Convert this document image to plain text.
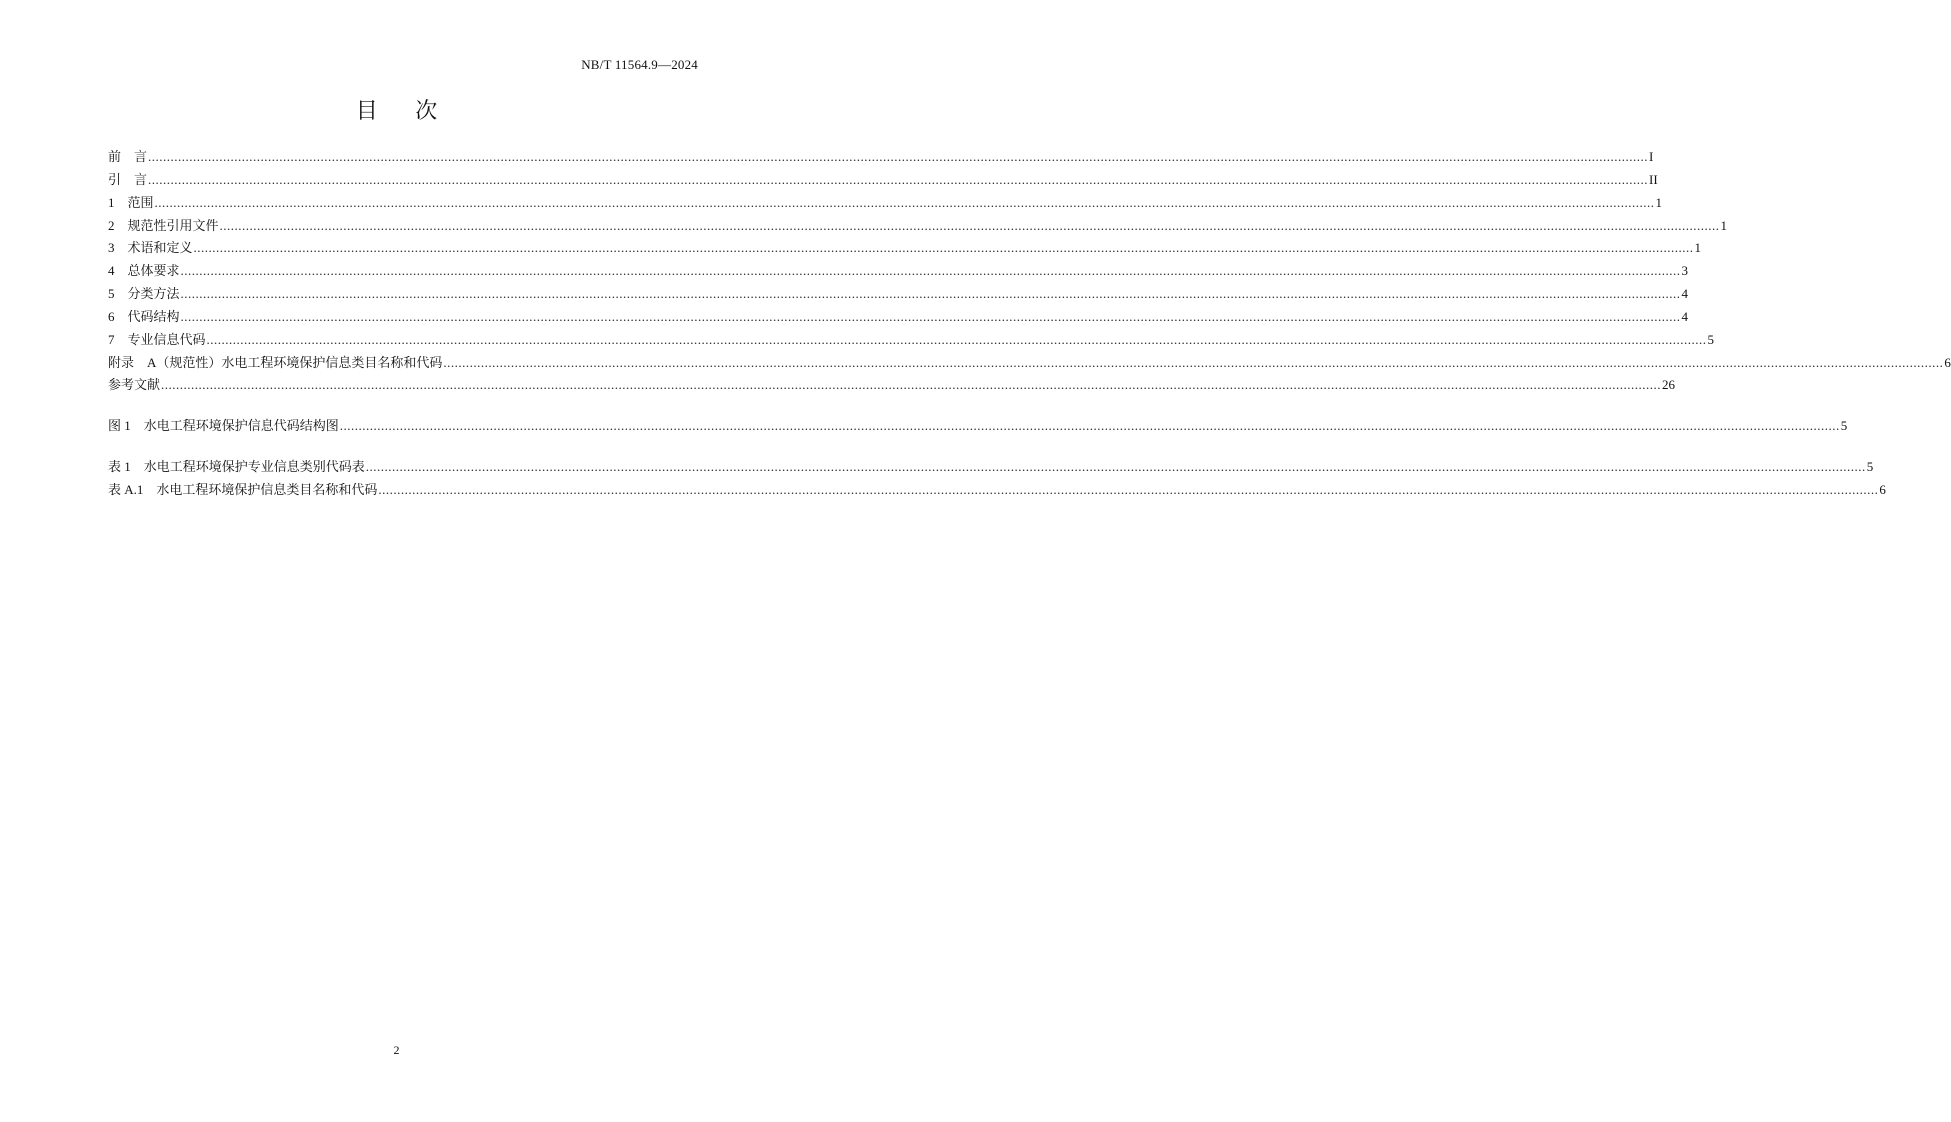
NB/T 11564.9—2024
目 次
前　言 ................................................................................................................................................................................................................................................................................................................................................................................................................ I
引　言 ................................................................................................................................................................................................................................................................................................................................................................................................................ II
1　范围 ................................................................................................................................................................................................................................................................................................................................................................................................................ 1
2　规范性引用文件 ................................................................................................................................................................................................................................................................................................................................................................................................................ 1
3　术语和定义 ................................................................................................................................................................................................................................................................................................................................................................................................................ 1
4　总体要求 ................................................................................................................................................................................................................................................................................................................................................................................................................ 3
5　分类方法 ................................................................................................................................................................................................................................................................................................................................................................................................................ 4
6　代码结构 ................................................................................................................................................................................................................................................................................................................................................................................................................ 4
7　专业信息代码 ................................................................................................................................................................................................................................................................................................................................................................................................................ 5
附录　A（规范性）水电工程环境保护信息类目名称和代码 ................................................................................................................................................................................................................................................................................................................................................................................................................ 6
参考文献 ................................................................................................................................................................................................................................................................................................................................................................................................................ 26
图 1　水电工程环境保护信息代码结构图 ................................................................................................................................................................................................................................................................................................................................................................................................................ 5
表 1　水电工程环境保护专业信息类别代码表 ................................................................................................................................................................................................................................................................................................................................................................................................................ 5
表 A.1　水电工程环境保护信息类目名称和代码 ................................................................................................................................................................................................................................................................................................................................................................................................................ 6
2
